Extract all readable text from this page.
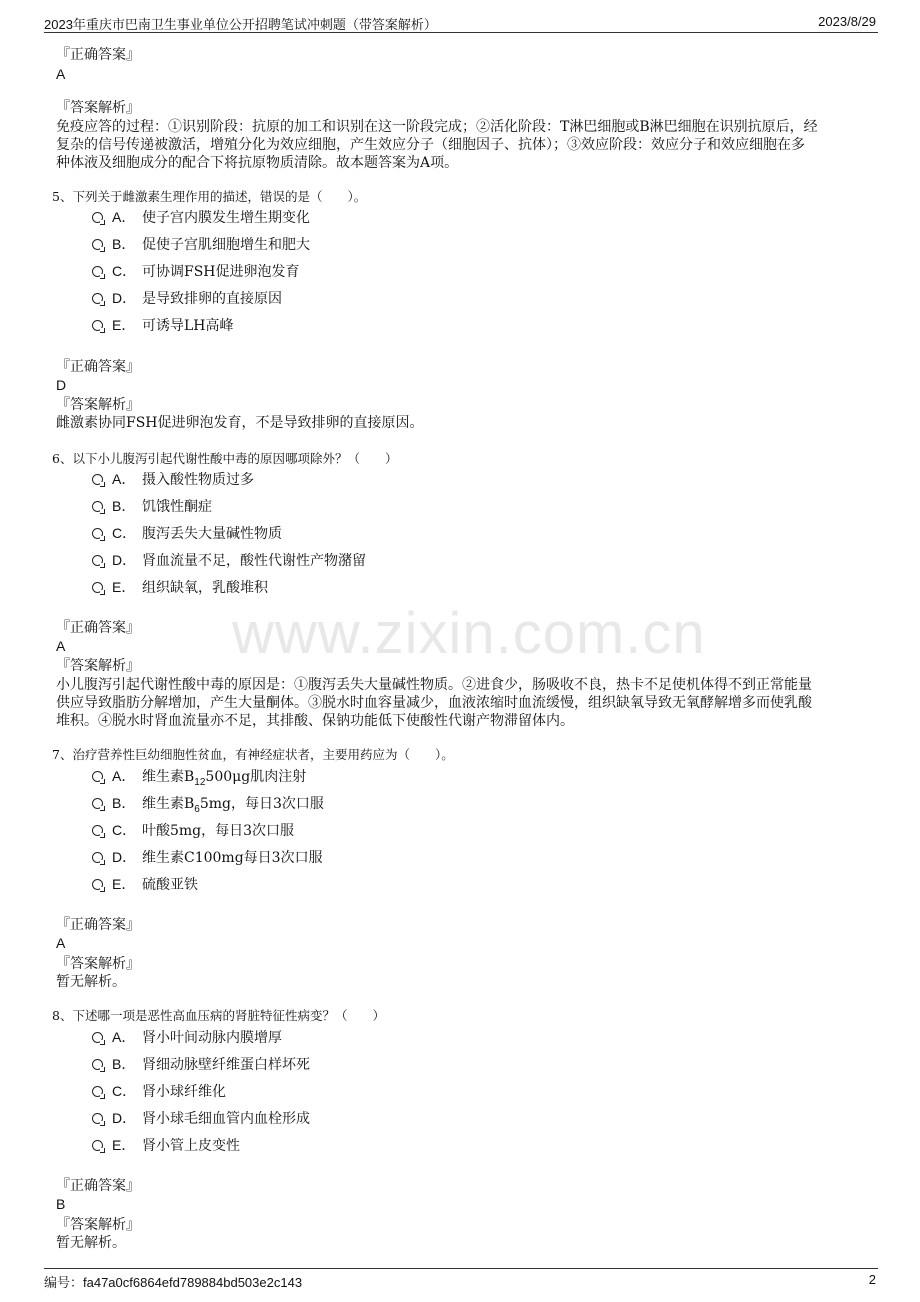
2023年重庆市巴南卫生事业单位公开招聘笔试冲刺题（带答案解析）	2023/8/29
www.zixin.com.cn
『正确答案』
A
『答案解析』
免疫应答的过程：①识别阶段：抗原的加工和识别在这一阶段完成；②活化阶段：T淋巴细胞或B淋巴细胞在识别抗原后，经
复杂的信号传递被激活，增殖分化为效应细胞，产生效应分子（细胞因子、抗体）；③效应阶段：效应分子和效应细胞在多
种体液及细胞成分的配合下将抗原物质清除。故本题答案为A项。
5、下列关于雌激素生理作用的描述，错误的是（　　）。
A． 使子宫内膜发生增生期变化
B． 促使子宫肌细胞增生和肥大
C． 可协调FSH促进卵泡发育
D． 是导致排卵的直接原因
E． 可诱导LH高峰
『正确答案』
D
『答案解析』
雌激素协同FSH促进卵泡发育，不是导致排卵的直接原因。
6、以下小儿腹泻引起代谢性酸中毒的原因哪项除外？（　　）
A． 摄入酸性物质过多
B． 饥饿性酮症
C． 腹泻丢失大量碱性物质
D． 肾血流量不足，酸性代谢性产物潴留
E． 组织缺氧，乳酸堆积
『正确答案』
A
『答案解析』
小儿腹泻引起代谢性酸中毒的原因是：①腹泻丢失大量碱性物质。②进食少，肠吸收不良，热卡不足使机体得不到正常能量
供应导致脂肪分解增加，产生大量酮体。③脱水时血容量减少，血液浓缩时血流缓慢，组织缺氧导致无氧酵解增多而使乳酸
堆积。④脱水时肾血流量亦不足，其排酸、保钠功能低下使酸性代谢产物滞留体内。
7、治疗营养性巨幼细胞性贫血，有神经症状者，主要用药应为（　　）。
A． 维生素$B_{12}500\mu g$肌肉注射
B． 维生素$B_65mg$，每日3次口服
C． 叶酸5mg，每日3次口服
D． 维生素C100mg每日3次口服
E． 硫酸亚铁
『正确答案』
A
『答案解析』
暂无解析。
8、下述哪一项是恶性高血压病的肾脏特征性病变？（　　）
A． 肾小叶间动脉内膜增厚
B． 肾细动脉壁纤维蛋白样坏死
C． 肾小球纤维化
D． 肾小球毛细血管内血栓形成
E． 肾小管上皮变性
『正确答案』
B
『答案解析』
暂无解析。
编号：fa47a0cf6864efd789884bd503e2c143	2
